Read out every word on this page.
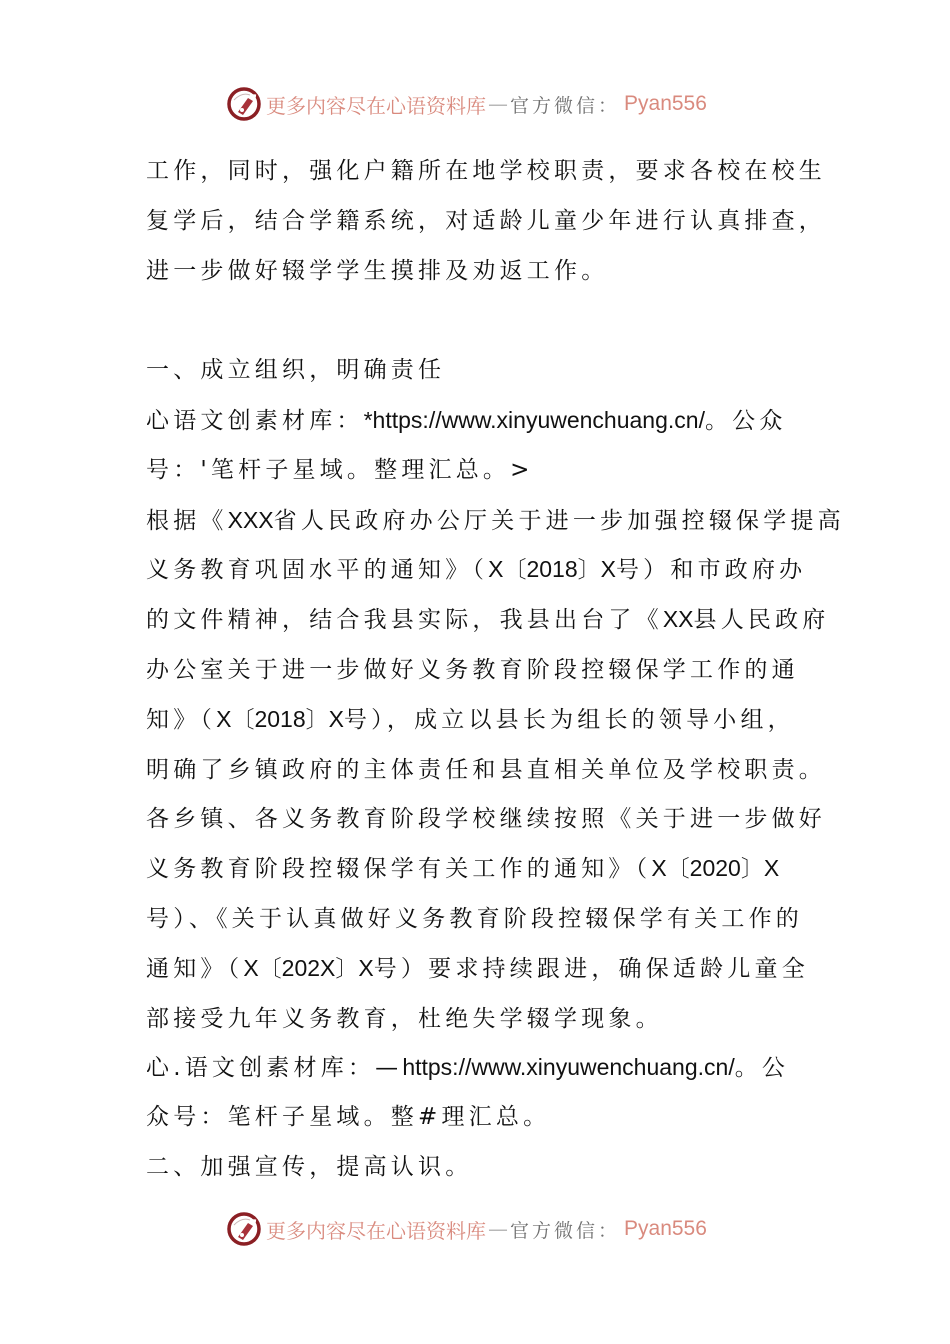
更多内容尽在心语资料库 — 官方微信： Pyan556
工作，同时，强化户籍所在地学校职责，要求各校在校生
复学后，结合学籍系统，对适龄儿童少年进行认真排查，
进一步做好辍学学生摸排及劝返工作。
一、成立组织，明确责任
心语文创素材库：*https://www.xinyuwenchuang.cn/。公众
号：'笔杆子星域。整理汇总。>
根据《XXX省人民政府办公厅关于进一步加强控辍保学提高
义务教育巩固水平的通知》（X〔2018〕X号）和市政府办
的文件精神，结合我县实际，我县出台了《XX县人民政府
办公室关于进一步做好义务教育阶段控辍保学工作的通
知》（X〔2018〕X号），成立以县长为组长的领导小组，
明确了乡镇政府的主体责任和县直相关单位及学校职责。
各乡镇、各义务教育阶段学校继续按照《关于进一步做好
义务教育阶段控辍保学有关工作的通知》（X〔2020〕X
号）、《关于认真做好义务教育阶段控辍保学有关工作的
通知》（X〔202X〕X号）要求持续跟进，确保适龄儿童全
部接受九年义务教育，杜绝失学辍学现象。
心.语文创素材库：—https://www.xinyuwenchuang.cn/。公
众号：笔杆子星域。整#理汇总。
二、加强宣传，提高认识。
更多内容尽在心语资料库 — 官方微信： Pyan556
